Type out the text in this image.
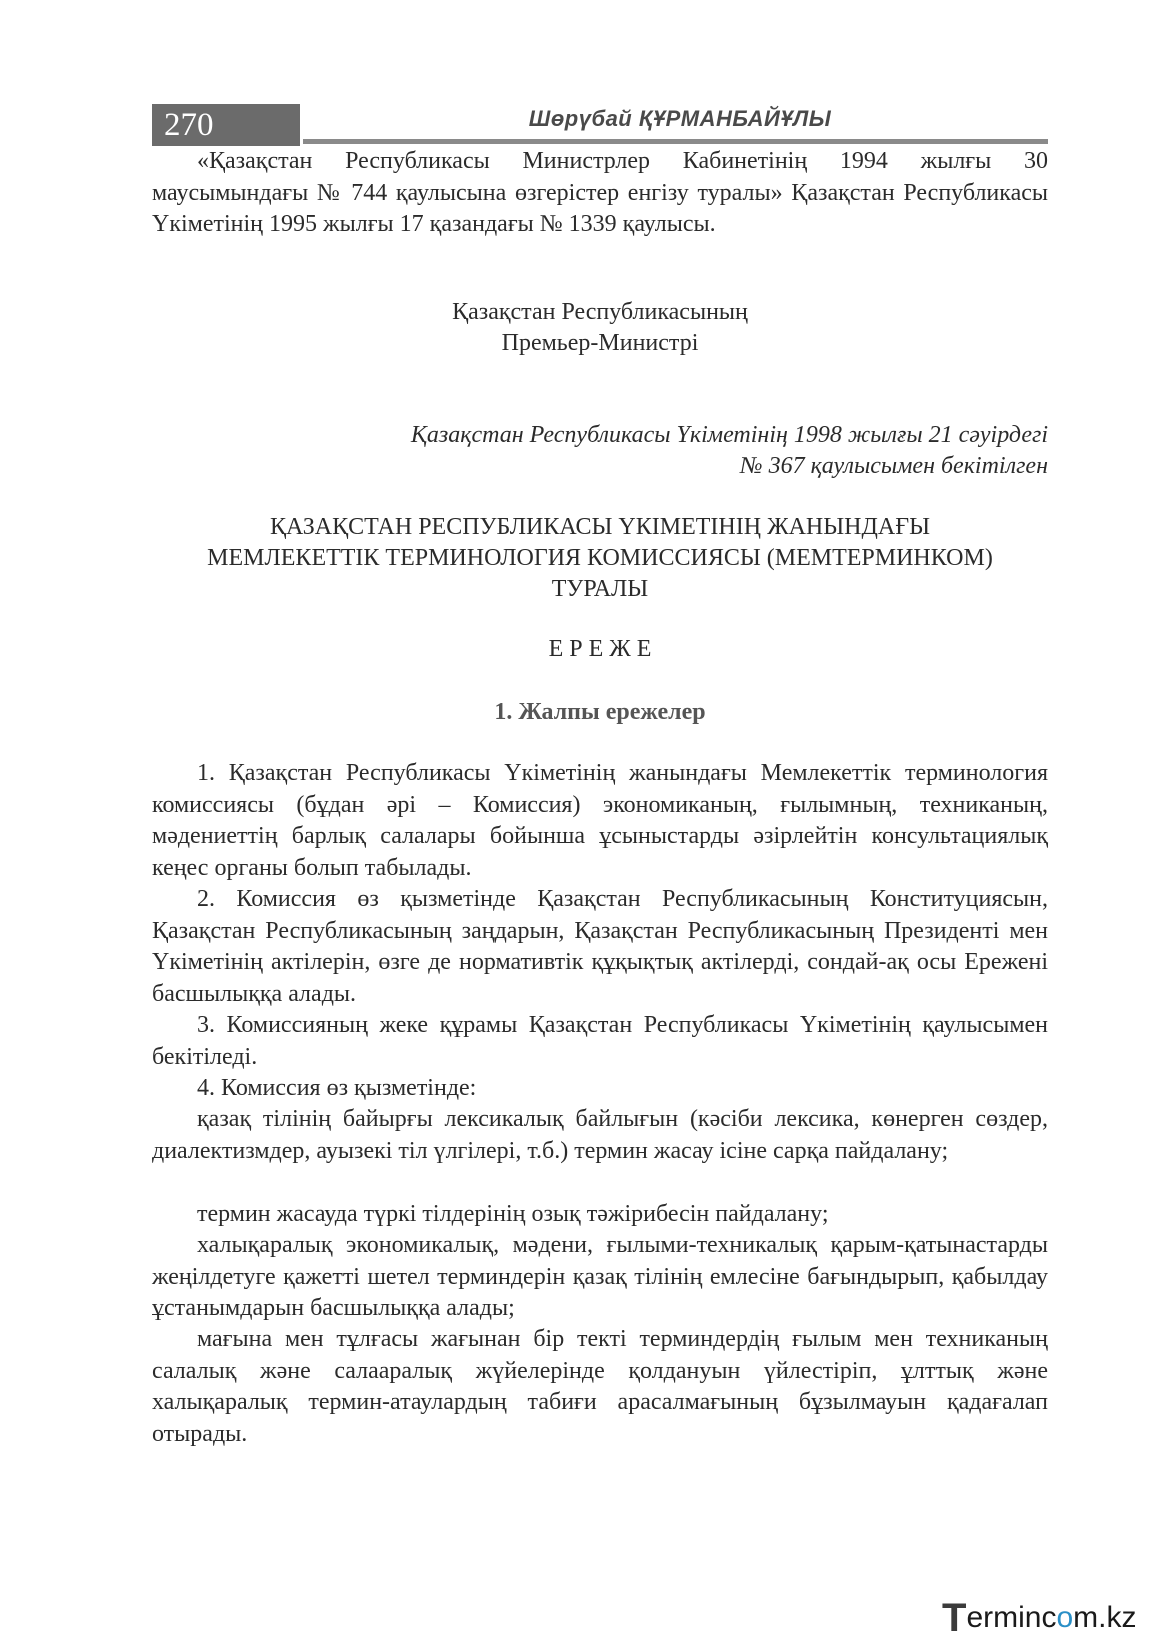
270	Шөрүбай ҚҰРМАНБАЙҰЛЫ
«Қазақстан Республикасы Министрлер Кабинетінің 1994 жылғы 30 маусымындағы № 744 қаулысына өзгерістер енгізу туралы» Қазақстан Республикасы Үкіметінің 1995 жылғы 17 қазандағы № 1339 қаулысы.
Қазақстан Республикасының
Премьер-Министрі
Қазақстан Республикасы Үкіметінің 1998 жылғы 21 сәуірдегі
№ 367 қаулысымен бекітілген
ҚАЗАҚСТАН РЕСПУБЛИКАСЫ ҮКІМЕТІНІҢ ЖАНЫНДАҒЫ
МЕМЛЕКЕТТІК ТЕРМИНОЛОГИЯ КОМИССИЯСЫ (МЕМТЕРМИНКОМ)
ТУРАЛЫ
Е Р Е Ж Е
1. Жалпы ережелер
1. Қазақстан Республикасы Үкіметінің жанындағы Мемлекеттік терминология комиссиясы (бұдан әрі – Комиссия) экономиканың, ғылымның, техниканың, мәдениеттің барлық салалары бойынша ұсыныстарды әзірлейтін консультациялық кеңес органы болып табылады.
2. Комиссия өз қызметінде Қазақстан Республикасының Конституциясын, Қазақстан Республикасының заңдарын, Қазақстан Республикасының Президенті мен Үкіметінің актілерін, өзге де нормативтік құқықтық актілерді, сондай-ақ осы Ережені басшылыққа алады.
3. Комиссияның жеке құрамы Қазақстан Республикасы Үкіметінің қаулысымен бекітіледі.
4. Комиссия өз қызметінде:
қазақ тілінің байырғы лексикалық байлығын (кәсіби лексика, көнерген сөздер, диалектизмдер, ауызекі тіл үлгілері, т.б.) термин жасау ісіне сарқа пайдалану;
термин жасауда түркі тілдерінің озық тәжірибесін пайдалану;
халықаралық экономикалық, мәдени, ғылыми-техникалық қарым-қатынастарды жеңілдетуге қажетті шетел терминдерін қазақ тілінің емлесіне бағындырып, қабылдау ұстанымдарын басшылыққа алады;
мағына мен тұлғасы жағынан бір текті терминдердің ғылым мен техниканың салалық және салааралық жүйелерінде қолдануын үйлестіріп, ұлттық және халықаралық термин-атаулардың табиғи арасалмағының бұзылмауын қадағалап отырады.
Termincom.kz
